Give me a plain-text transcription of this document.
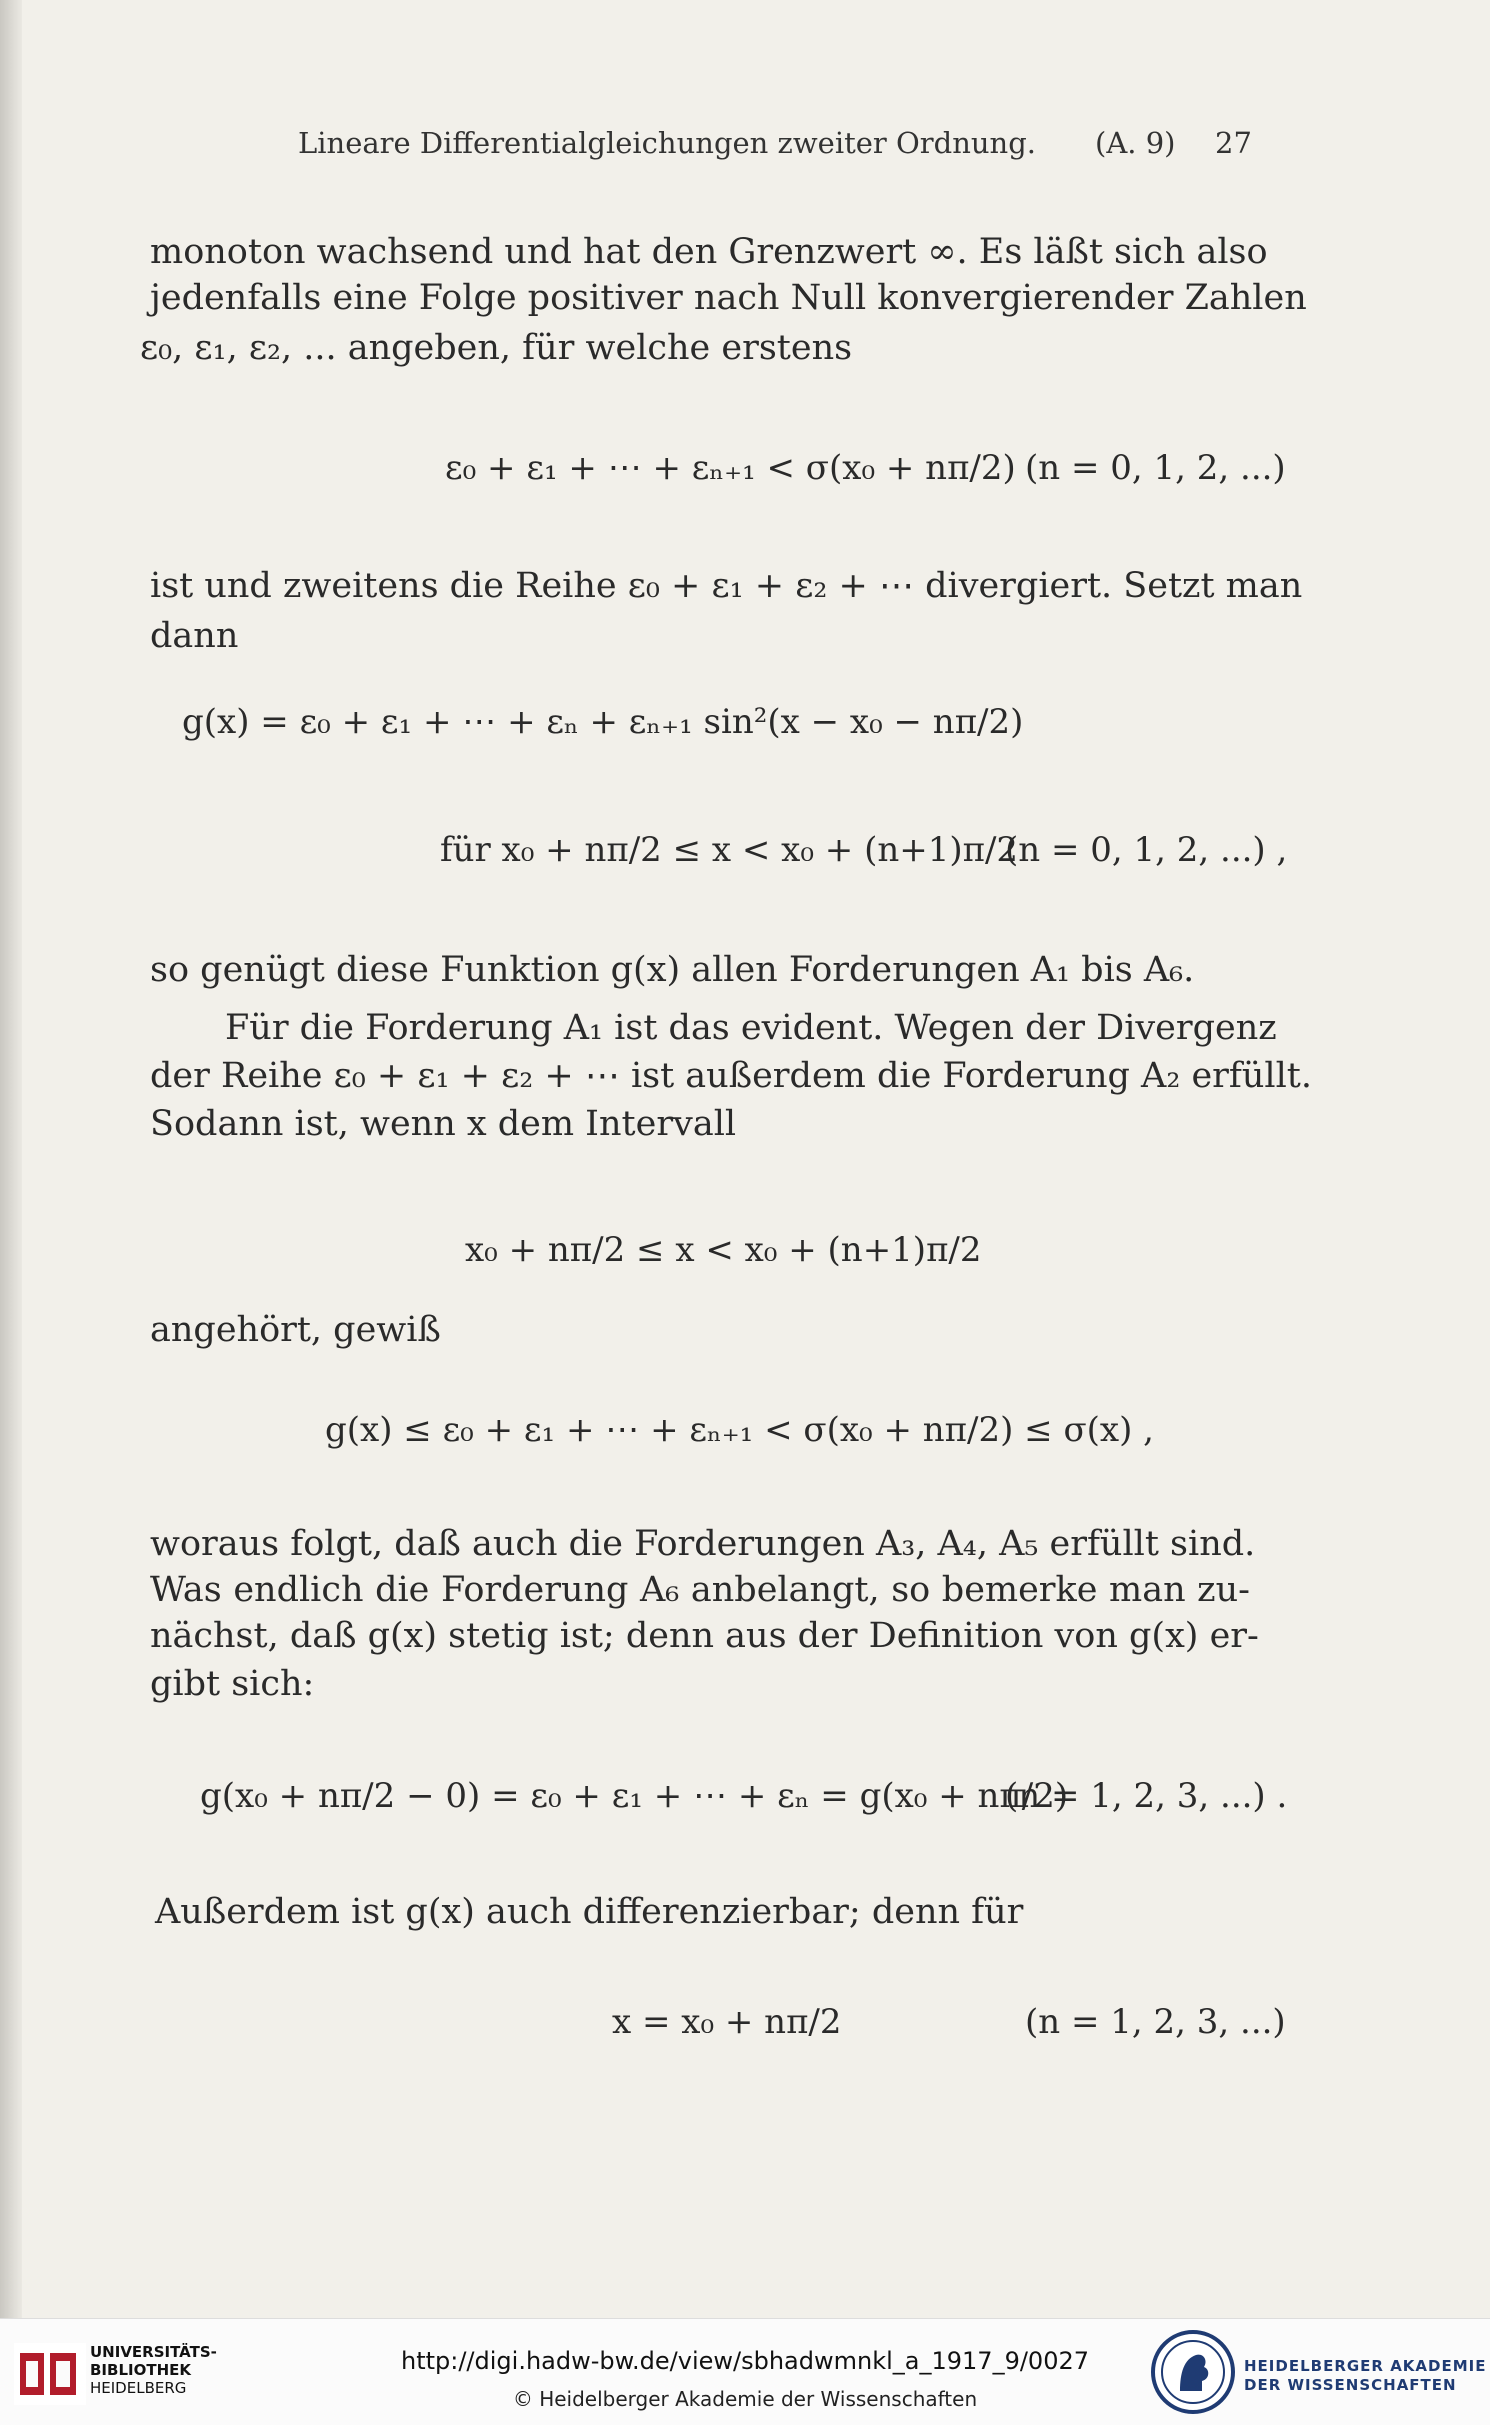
Lineare Differentialgleichungen zweiter Ordnung. (A. 9) 27
monoton wachsend und hat den Grenzwert ∞. Es läßt sich also
jedenfalls eine Folge positiver nach Null konvergierender Zahlen
ε₀, ε₁, ε₂, ... angeben, für welche erstens
ε₀ + ε₁ + ⋯ + εₙ₊₁ < σ(x₀ + nπ/2) (n = 0, 1, 2, ...)
ist und zweitens die Reihe ε₀ + ε₁ + ε₂ + ⋯ divergiert. Setzt man
dann
g(x) = ε₀ + ε₁ + ⋯ + εₙ + εₙ₊₁ sin²(x − x₀ − nπ/2)
für x₀ + nπ/2 ≤ x < x₀ + (n+1)π/2
(n = 0, 1, 2, ...) ,
so genügt diese Funktion g(x) allen Forderungen A₁ bis A₆.
Für die Forderung A₁ ist das evident. Wegen der Divergenz
der Reihe ε₀ + ε₁ + ε₂ + ⋯ ist außerdem die Forderung A₂ erfüllt.
Sodann ist, wenn x dem Intervall
x₀ + nπ/2 ≤ x < x₀ + (n+1)π/2
angehört, gewiß
g(x) ≤ ε₀ + ε₁ + ⋯ + εₙ₊₁ < σ(x₀ + nπ/2) ≤ σ(x) ,
woraus folgt, daß auch die Forderungen A₃, A₄, A₅ erfüllt sind.
Was endlich die Forderung A₆ anbelangt, so bemerke man zu-
nächst, daß g(x) stetig ist; denn aus der Definition von g(x) er-
gibt sich:
g(x₀ + nπ/2 − 0) = ε₀ + ε₁ + ⋯ + εₙ = g(x₀ + nπ/2)
(n = 1, 2, 3, ...) .
Außerdem ist g(x) auch differenzierbar; denn für
x = x₀ + nπ/2	(n = 1, 2, 3, ...)
UNIVERSITÄTS-
BIBLIOTHEK
HEIDELBERG
http://digi.hadw-bw.de/view/sbhadwmnkl_a_1917_9/0027
© Heidelberger Akademie der Wissenschaften
HEIDELBERGER AKADEMIE
DER WISSENSCHAFTEN
